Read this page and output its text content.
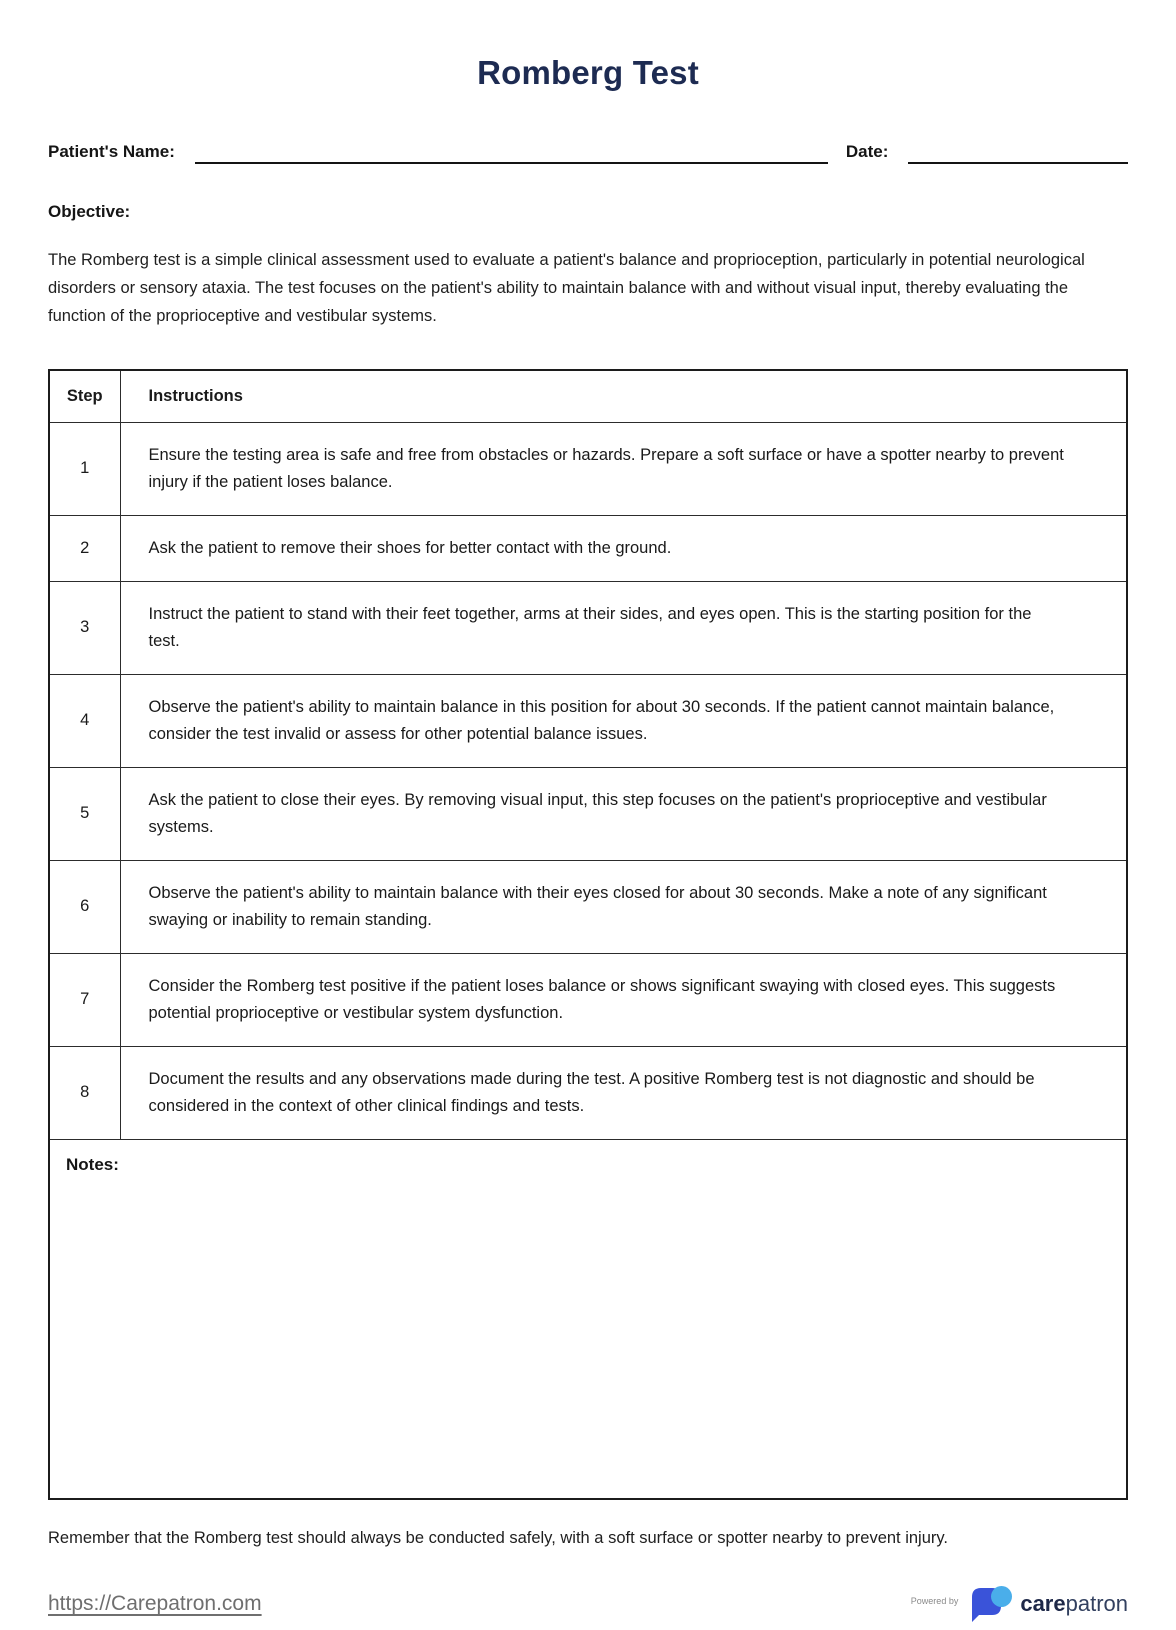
Romberg Test
Patient's Name:	Date:
Objective:

The Romberg test is a simple clinical assessment used to evaluate a patient's balance and proprioception, particularly in potential neurological disorders or sensory ataxia. The test focuses on the patient's ability to maintain balance with and without visual input, thereby evaluating the function of the proprioceptive and vestibular systems.

Step	Instructions
1	Ensure the testing area is safe and free from obstacles or hazards. Prepare a soft surface or have a spotter nearby to prevent injury if the patient loses balance.
2	Ask the patient to remove their shoes for better contact with the ground.
3	Instruct the patient to stand with their feet together, arms at their sides, and eyes open. This is the starting position for the test.
4	Observe the patient's ability to maintain balance in this position for about 30 seconds. If the patient cannot maintain balance, consider the test invalid or assess for other potential balance issues.
5	Ask the patient to close their eyes. By removing visual input, this step focuses on the patient's proprioceptive and vestibular systems.
6	Observe the patient's ability to maintain balance with their eyes closed for about 30 seconds. Make a note of any significant swaying or inability to remain standing.
7	Consider the Romberg test positive if the patient loses balance or shows significant swaying with closed eyes. This suggests potential proprioceptive or vestibular system dysfunction.
8	Document the results and any observations made during the test. A positive Romberg test is not diagnostic and should be considered in the context of other clinical findings and tests.
Notes:	

Remember that the Romberg test should always be conducted safely, with a soft surface or spotter nearby to prevent injury.

https://Carepatron.com	Powered by	carepatron
